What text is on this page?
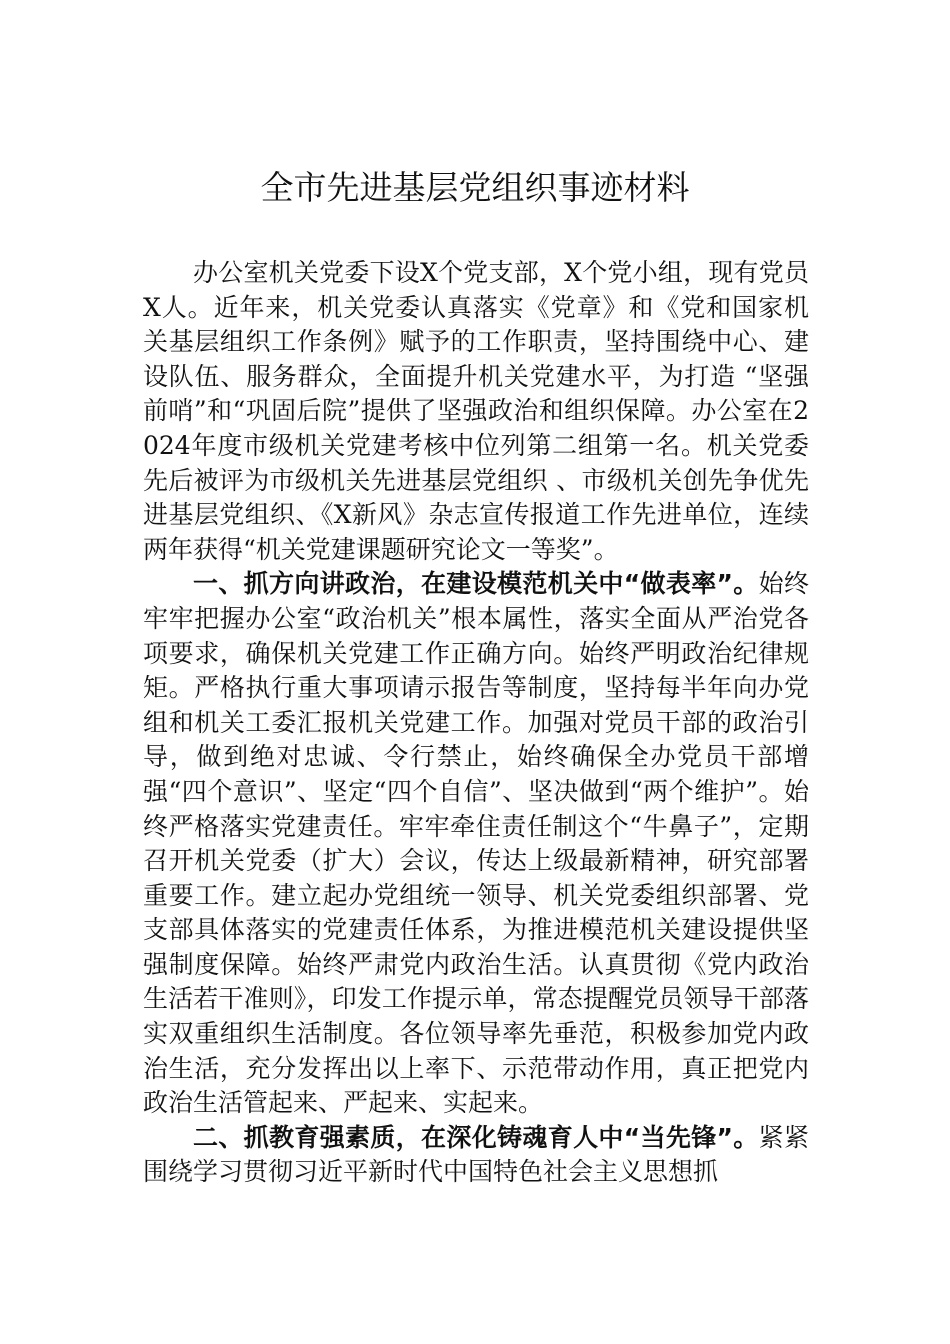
全市先进基层党组织事迹材料

办公室机关党委下设X个党支部，X个党小组，现有党员X人。近年来，机关党委认真落实《党章》和《党和国家机关基层组织工作条例》赋予的工作职责，坚持围绕中心、建设队伍、服务群众，全面提升机关党建水平，为打造 “坚强前哨”和“巩固后院”提供了坚强政治和组织保障。办公室在2024年度市级机关党建考核中位列第二组第一名。机关党委先后被评为市级机关先进基层党组织 、市级机关创先争优先进基层党组织、《X新风》杂志宣传报道工作先进单位，连续两年获得“机关党建课题研究论文一等奖”。

一、抓方向讲政治，在建设模范机关中“做表率”。始终牢牢把握办公室“政治机关”根本属性，落实全面从严治党各项要求，确保机关党建工作正确方向。始终严明政治纪律规矩。严格执行重大事项请示报告等制度，坚持每半年向办党组和机关工委汇报机关党建工作。加强对党员干部的政治引导，做到绝对忠诚、令行禁止，始终确保全办党员干部增强“四个意识”、坚定“四个自信”、坚决做到“两个维护”。始终严格落实党建责任。牢牢牵住责任制这个“牛鼻子”，定期召开机关党委（扩大）会议，传达上级最新精神，研究部署重要工作。建立起办党组统一领导、机关党委组织部署、党支部具体落实的党建责任体系，为推进模范机关建设提供坚强制度保障。始终严肃党内政治生活。认真贯彻《党内政治生活若干准则》，印发工作提示单，常态提醒党员领导干部落实双重组织生活制度。各位领导率先垂范，积极参加党内政治生活，充分发挥出以上率下、示范带动作用，真正把党内政治生活管起来、严起来、实起来。

二、抓教育强素质，在深化铸魂育人中“当先锋”。紧紧围绕学习贯彻习近平新时代中国特色社会主义思想抓
